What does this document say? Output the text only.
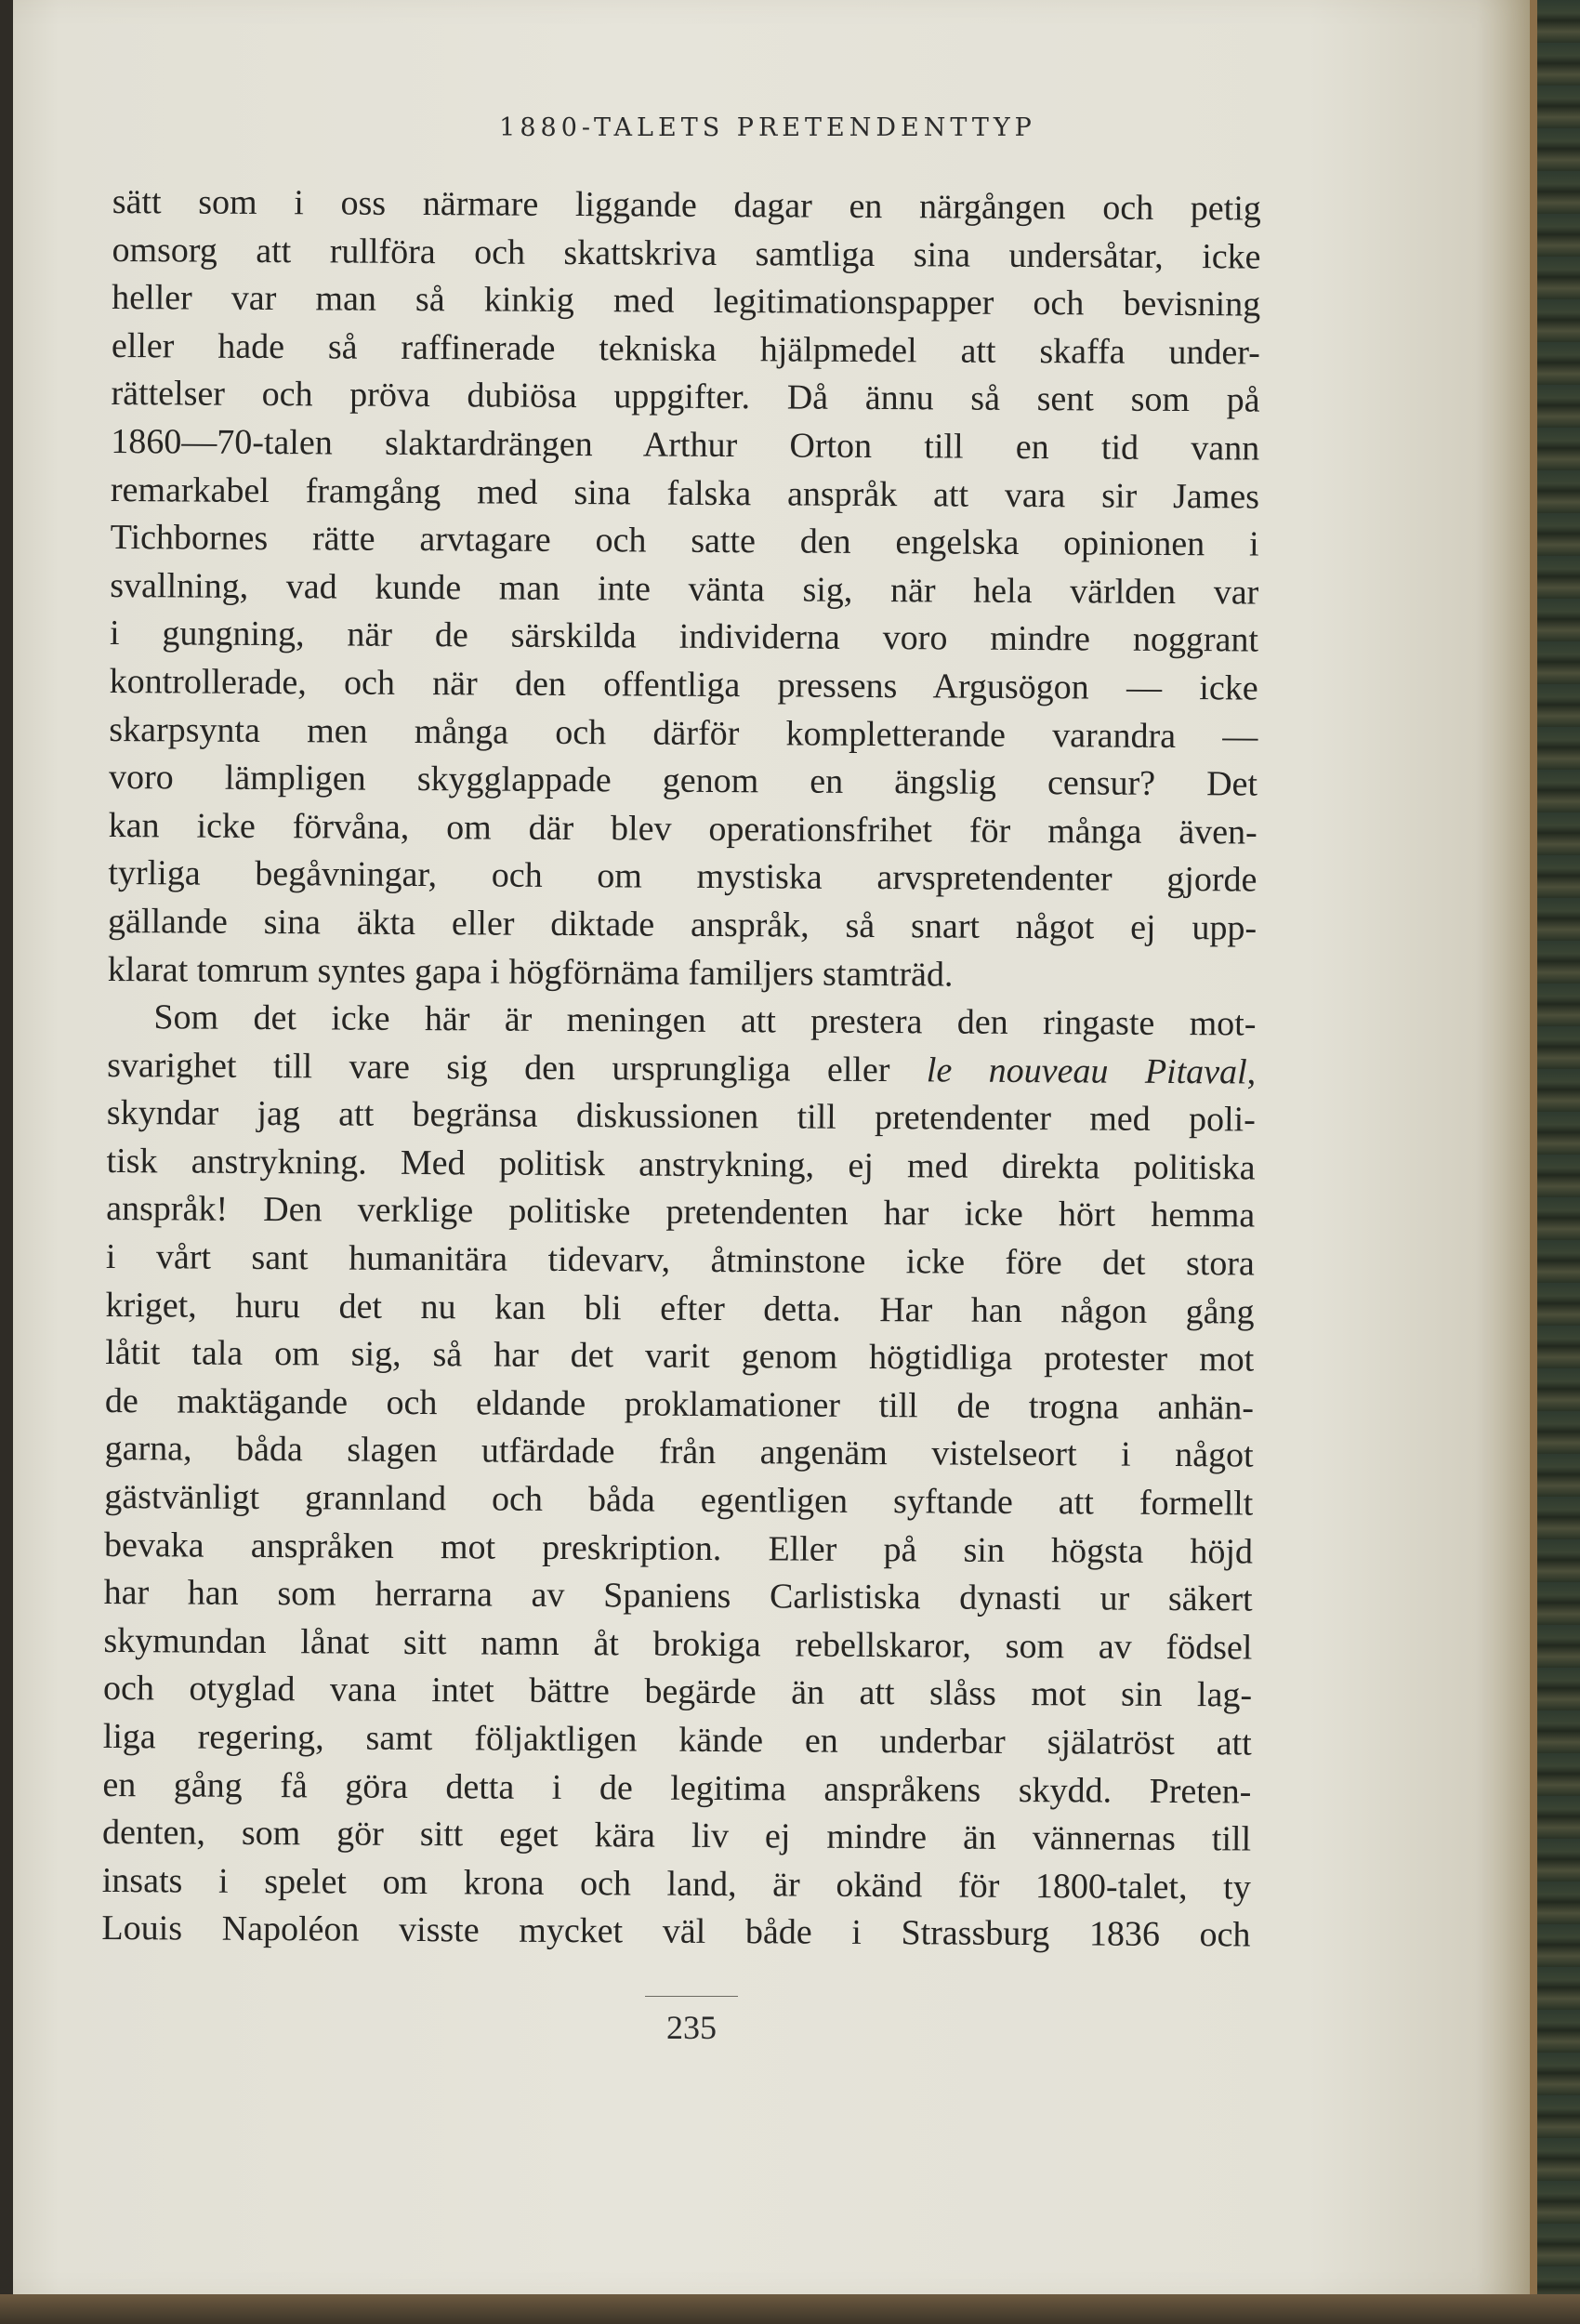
1880-TALETS PRETENDENTTYP
sätt som i oss närmare liggande dagar en närgången och petig
omsorg att rullföra och skattskriva samtliga sina undersåtar, icke
heller var man så kinkig med legitimationspapper och bevisning
eller hade så raffinerade tekniska hjälpmedel att skaffa under-
rättelser och pröva dubiösa uppgifter. Då ännu så sent som på
1860—70-talen slaktardrängen Arthur Orton till en tid vann
remarkabel framgång med sina falska anspråk att vara sir James
Tichbornes rätte arvtagare och satte den engelska opinionen i
svallning, vad kunde man inte vänta sig, när hela världen var
i gungning, när de särskilda individerna voro mindre noggrant
kontrollerade, och när den offentliga pressens Argusögon — icke
skarpsynta men många och därför kompletterande varandra —
voro lämpligen skygglappade genom en ängslig censur? Det
kan icke förvåna, om där blev operationsfrihet för många även-
tyrliga begåvningar, och om mystiska arvspretendenter gjorde
gällande sina äkta eller diktade anspråk, så snart något ej upp-
klarat tomrum syntes gapa i högförnäma familjers stamträd.
Som det icke här är meningen att prestera den ringaste mot-
svarighet till vare sig den ursprungliga eller le nouveau Pitaval,
skyndar jag att begränsa diskussionen till pretendenter med poli-
tisk anstrykning. Med politisk anstrykning, ej med direkta politiska
anspråk! Den verklige politiske pretendenten har icke hört hemma
i vårt sant humanitära tidevarv, åtminstone icke före det stora
kriget, huru det nu kan bli efter detta. Har han någon gång
låtit tala om sig, så har det varit genom högtidliga protester mot
de maktägande och eldande proklamationer till de trogna anhän-
garna, båda slagen utfärdade från angenäm vistelseort i något
gästvänligt grannland och båda egentligen syftande att formellt
bevaka anspråken mot preskription. Eller på sin högsta höjd
har han som herrarna av Spaniens Carlistiska dynasti ur säkert
skymundan lånat sitt namn åt brokiga rebellskaror, som av födsel
och otyglad vana intet bättre begärde än att slåss mot sin lag-
liga regering, samt följaktligen kände en underbar själatröst att
en gång få göra detta i de legitima anspråkens skydd. Preten-
denten, som gör sitt eget kära liv ej mindre än vännernas till
insats i spelet om krona och land, är okänd för 1800-talet, ty
Louis Napoléon visste mycket väl både i Strassburg 1836 och
235
